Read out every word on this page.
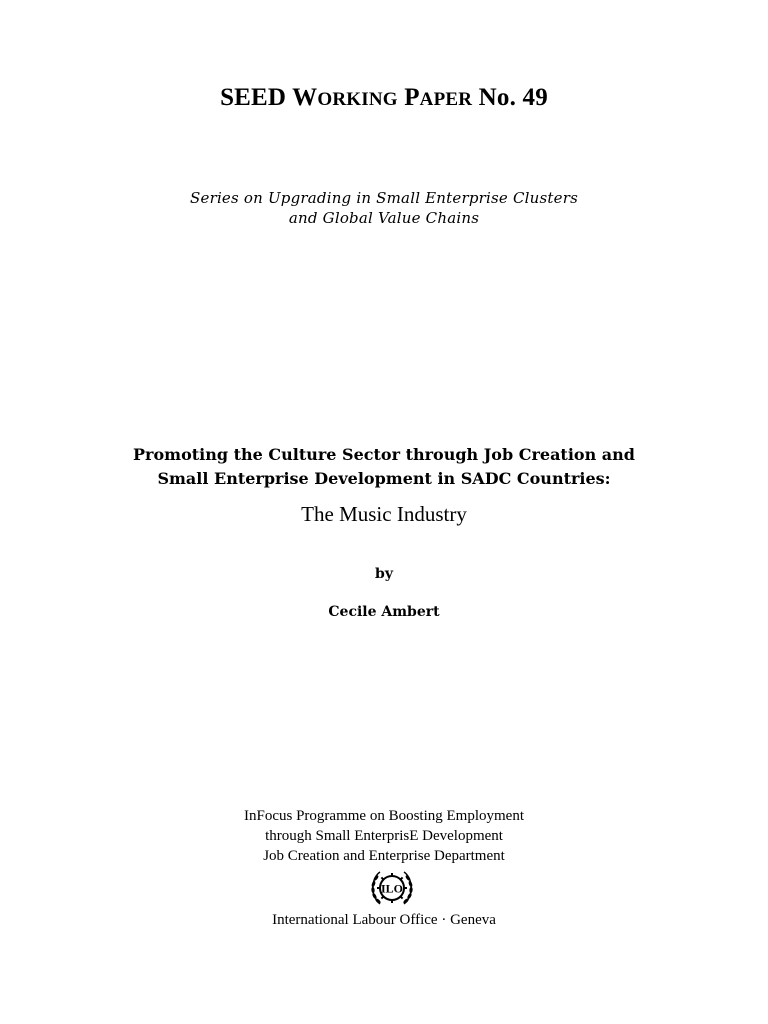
SEED WORKING PAPER No. 49
Series on Upgrading in Small Enterprise Clusters
and Global Value Chains
Promoting the Culture Sector through Job Creation and
Small Enterprise Development in SADC Countries:
The Music Industry
by
Cecile Ambert
InFocus Programme on Boosting Employment
through Small EnterprisE Development
Job Creation and Enterprise Department
ILO
International Labour Office · Geneva
